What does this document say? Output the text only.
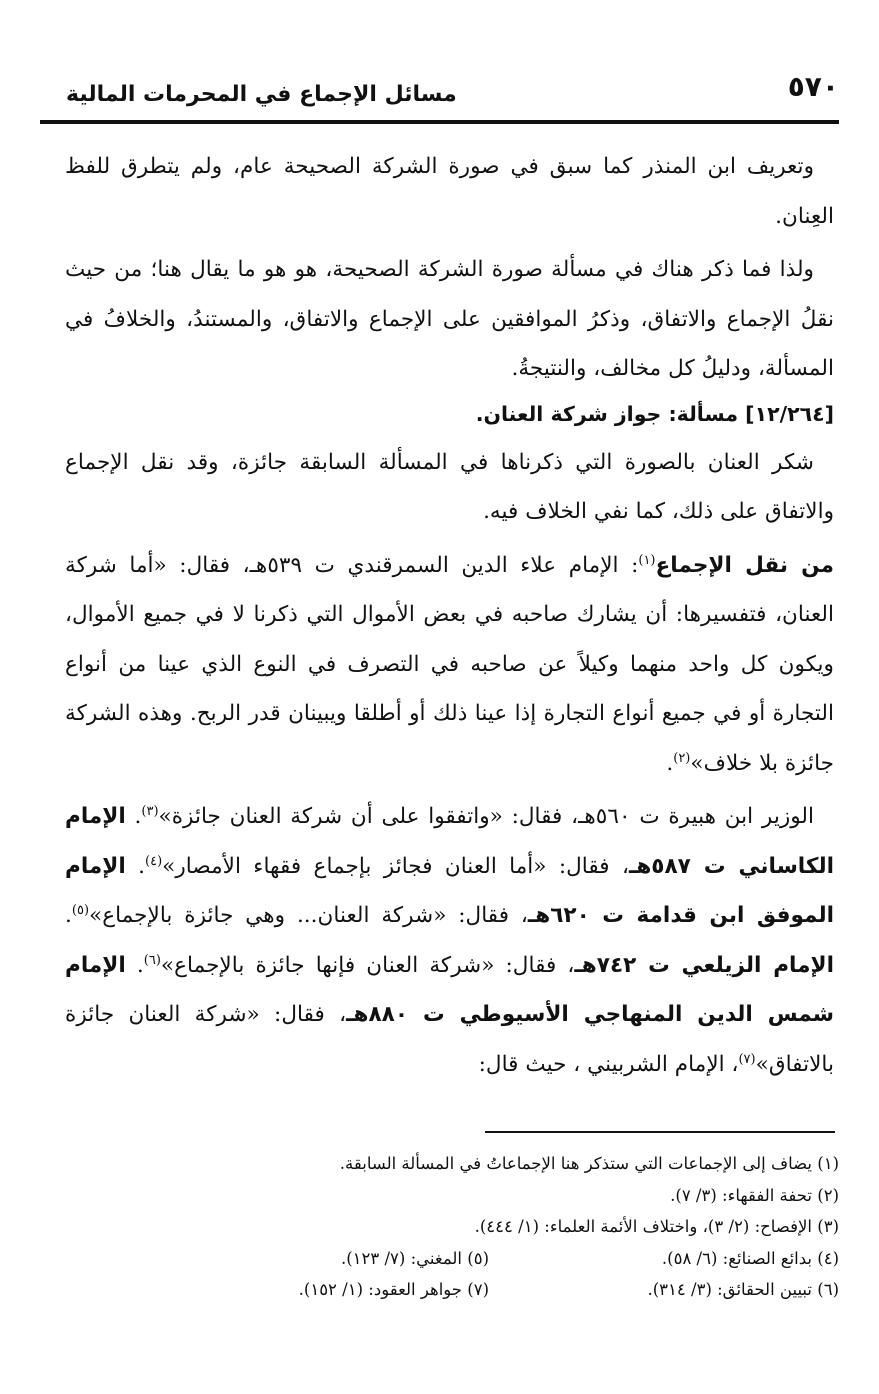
٥٧٠
مسائل الإجماع في المحرمات المالية

وتعريف ابن المنذر كما سبق في صورة الشركة الصحيحة عام، ولم يتطرق للفظ العِنان.

ولذا فما ذكر هناك في مسألة صورة الشركة الصحيحة، هو هو ما يقال هنا؛ من حيث نقلُ الإجماع والاتفاق، وذكرُ الموافقين على الإجماع والاتفاق، والمستندُ، والخلافُ في المسألة، ودليلُ كل مخالف، والنتيجةُ.

[١٢/٢٦٤] مسألة: جواز شركة العنان.

شكر العنان بالصورة التي ذكرناها في المسألة السابقة جائزة، وقد نقل الإجماع والاتفاق على ذلك، كما نفي الخلاف فيه.

من نقل الإجماع$^{(١)}$: الإمام علاء الدين السمرقندي ت ٥٣٩هـ، فقال: «أما شركة العنان، فتفسيرها: أن يشارك صاحبه في بعض الأموال التي ذكرنا لا في جميع الأموال، ويكون كل واحد منهما وكيلاً عن صاحبه في التصرف في النوع الذي عينا من أنواع التجارة أو في جميع أنواع التجارة إذا عينا ذلك أو أطلقا ويبينان قدر الربح. وهذه الشركة جائزة بلا خلاف»$^{(٢)}$.

الوزير ابن هبيرة ت ٥٦٠هـ، فقال: «واتفقوا على أن شركة العنان جائزة»$^{(٣)}$. الإمام الكاساني ت ٥٨٧هـ، فقال: «أما العنان فجائز بإجماع فقهاء الأمصار»$^{(٤)}$. الإمام الموفق ابن قدامة ت ٦٢٠هـ، فقال: «شركة العنان... وهي جائزة بالإجماع»$^{(٥)}$. الإمام الزيلعي ت ٧٤٢هـ، فقال: «شركة العنان فإنها جائزة بالإجماع»$^{(٦)}$. الإمام شمس الدين المنهاجي الأسيوطي ت ٨٨٠هـ، فقال: «شركة العنان جائزة بالاتفاق»$^{(٧)}$، الإمام الشربيني ، حيث قال:

(١) يضاف إلى الإجماعات التي ستذكر هنا الإجماعاتُ في المسألة السابقة.

(٢) تحفة الفقهاء: (٣/ ٧).

(٣) الإفصاح: (٢/ ٣)، واختلاف الأئمة العلماء: (١/ ٤٤٤).

(٤) بدائع الصنائع: (٦/ ٥٨).

(٥) المغني: (٧/ ١٢٣).

(٦) تبيين الحقائق: (٣/ ٣١٤).

(٧) جواهر العقود: (١/ ١٥٢).
